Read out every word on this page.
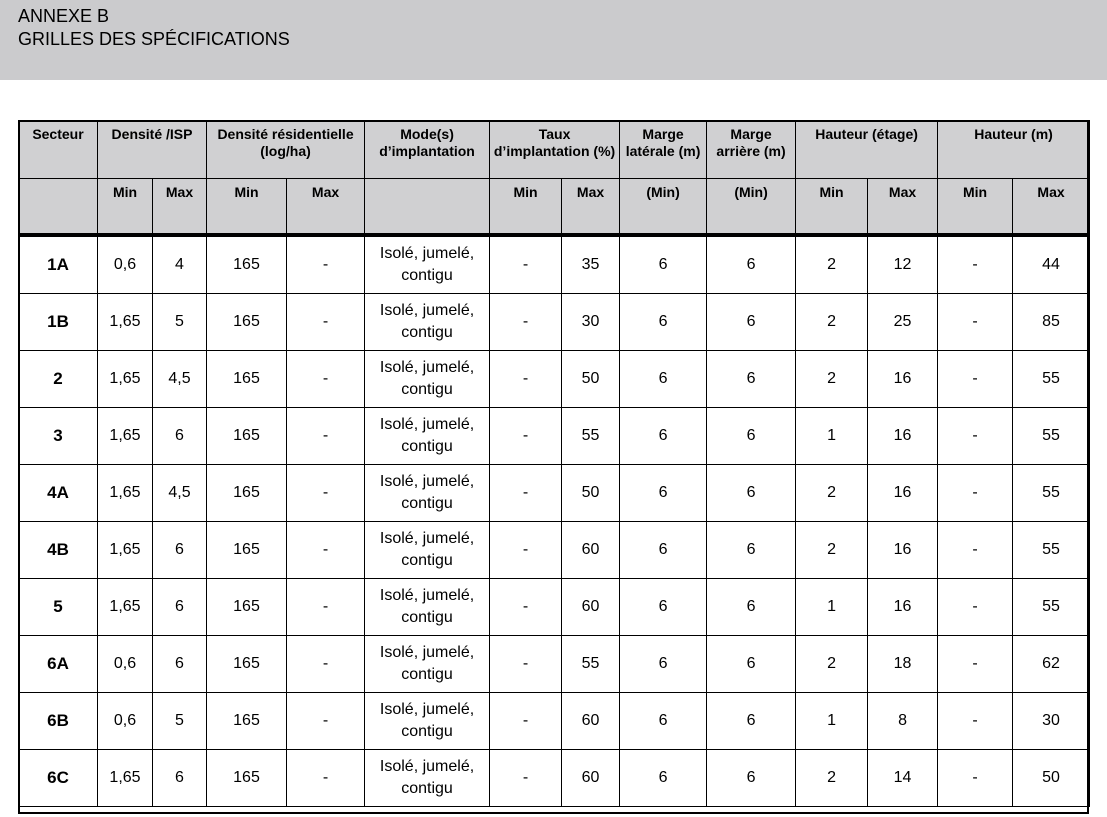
ANNEXE B
GRILLES DES SPÉCIFICATIONS
Secteur	Densité /ISP		Densité résidentielle (log/ha)		Mode(s) d’implantation	Taux d’implantation (%)		Marge latérale (m)	Marge arrière (m)	Hauteur (étage)		Hauteur (m)	
	Min	Max	Min	Max		Min	Max	(Min)	(Min)	Min	Max	Min	Max
1A	0,6	4	165	-	Isolé, jumelé, contigu	-	35	6	6	2	12	-	44
1B	1,65	5	165	-	Isolé, jumelé, contigu	-	30	6	6	2	25	-	85
2	1,65	4,5	165	-	Isolé, jumelé, contigu	-	50	6	6	2	16	-	55
3	1,65	6	165	-	Isolé, jumelé, contigu	-	55	6	6	1	16	-	55
4A	1,65	4,5	165	-	Isolé, jumelé, contigu	-	50	6	6	2	16	-	55
4B	1,65	6	165	-	Isolé, jumelé, contigu	-	60	6	6	2	16	-	55
5	1,65	6	165	-	Isolé, jumelé, contigu	-	60	6	6	1	16	-	55
6A	0,6	6	165	-	Isolé, jumelé, contigu	-	55	6	6	2	18	-	62
6B	0,6	5	165	-	Isolé, jumelé, contigu	-	60	6	6	1	8	-	30
6C	1,65	6	165	-	Isolé, jumelé, contigu	-	60	6	6	2	14	-	50
